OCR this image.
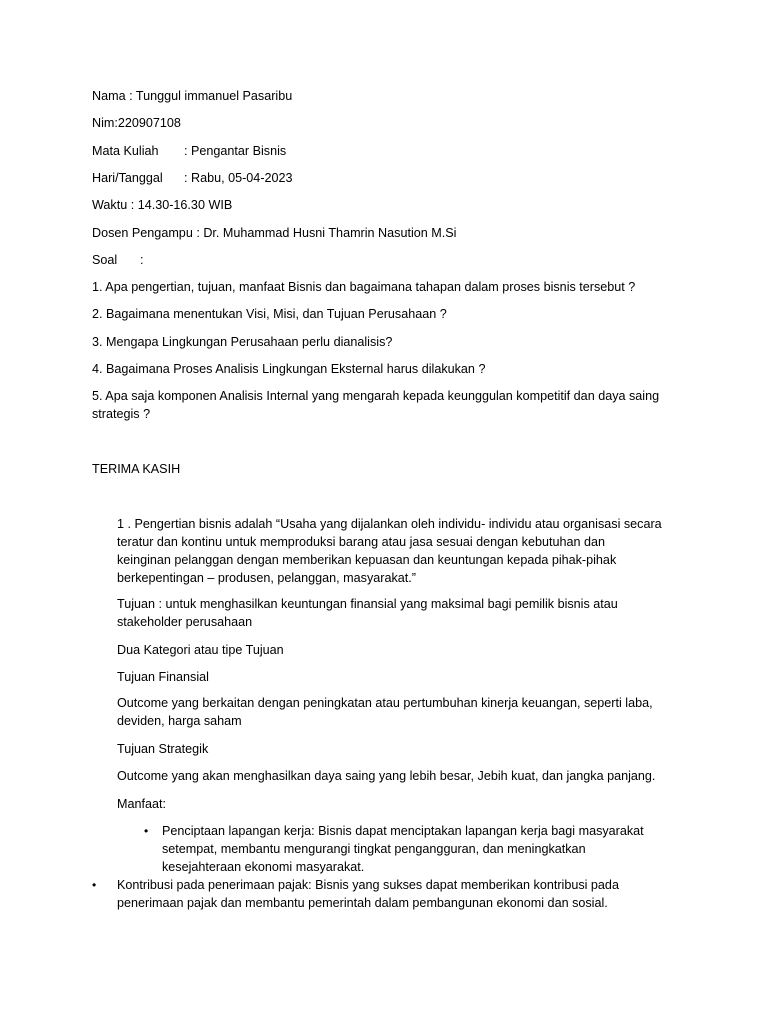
Nama : Tunggul immanuel Pasaribu
Nim:220907108
Mata Kuliah : Pengantar Bisnis
Hari/Tanggal : Rabu, 05-04-2023
Waktu : 14.30-16.30 WIB
Dosen Pengampu : Dr. Muhammad Husni Thamrin Nasution M.Si
Soal :
1. Apa pengertian, tujuan, manfaat Bisnis dan bagaimana tahapan dalam proses bisnis tersebut ?
2. Bagaimana menentukan Visi, Misi, dan Tujuan Perusahaan ?
3. Mengapa Lingkungan Perusahaan perlu dianalisis?
4. Bagaimana Proses Analisis Lingkungan Eksternal harus dilakukan ?
5. Apa saja komponen Analisis Internal yang mengarah kepada keunggulan kompetitif dan daya saing
strategis ?
TERIMA KASIH
1 . Pengertian bisnis adalah “Usaha yang dijalankan oleh individu- individu atau organisasi secara
teratur dan kontinu untuk memproduksi barang atau jasa sesuai dengan kebutuhan dan
keinginan pelanggan dengan memberikan kepuasan dan keuntungan kepada pihak-pihak
berkepentingan – produsen, pelanggan, masyarakat.”
Tujuan : untuk menghasilkan keuntungan finansial yang maksimal bagi pemilik bisnis atau
stakeholder perusahaan
Dua Kategori atau tipe Tujuan
Tujuan Finansial
Outcome yang berkaitan dengan peningkatan atau pertumbuhan kinerja keuangan, seperti laba,
deviden, harga saham
Tujuan Strategik
Outcome yang akan menghasilkan daya saing yang lebih besar, Jebih kuat, dan jangka panjang.
Manfaat:
• Penciptaan lapangan kerja: Bisnis dapat menciptakan lapangan kerja bagi masyarakat
setempat, membantu mengurangi tingkat pengangguran, dan meningkatkan
kesejahteraan ekonomi masyarakat.
• Kontribusi pada penerimaan pajak: Bisnis yang sukses dapat memberikan kontribusi pada
penerimaan pajak dan membantu pemerintah dalam pembangunan ekonomi dan sosial.
